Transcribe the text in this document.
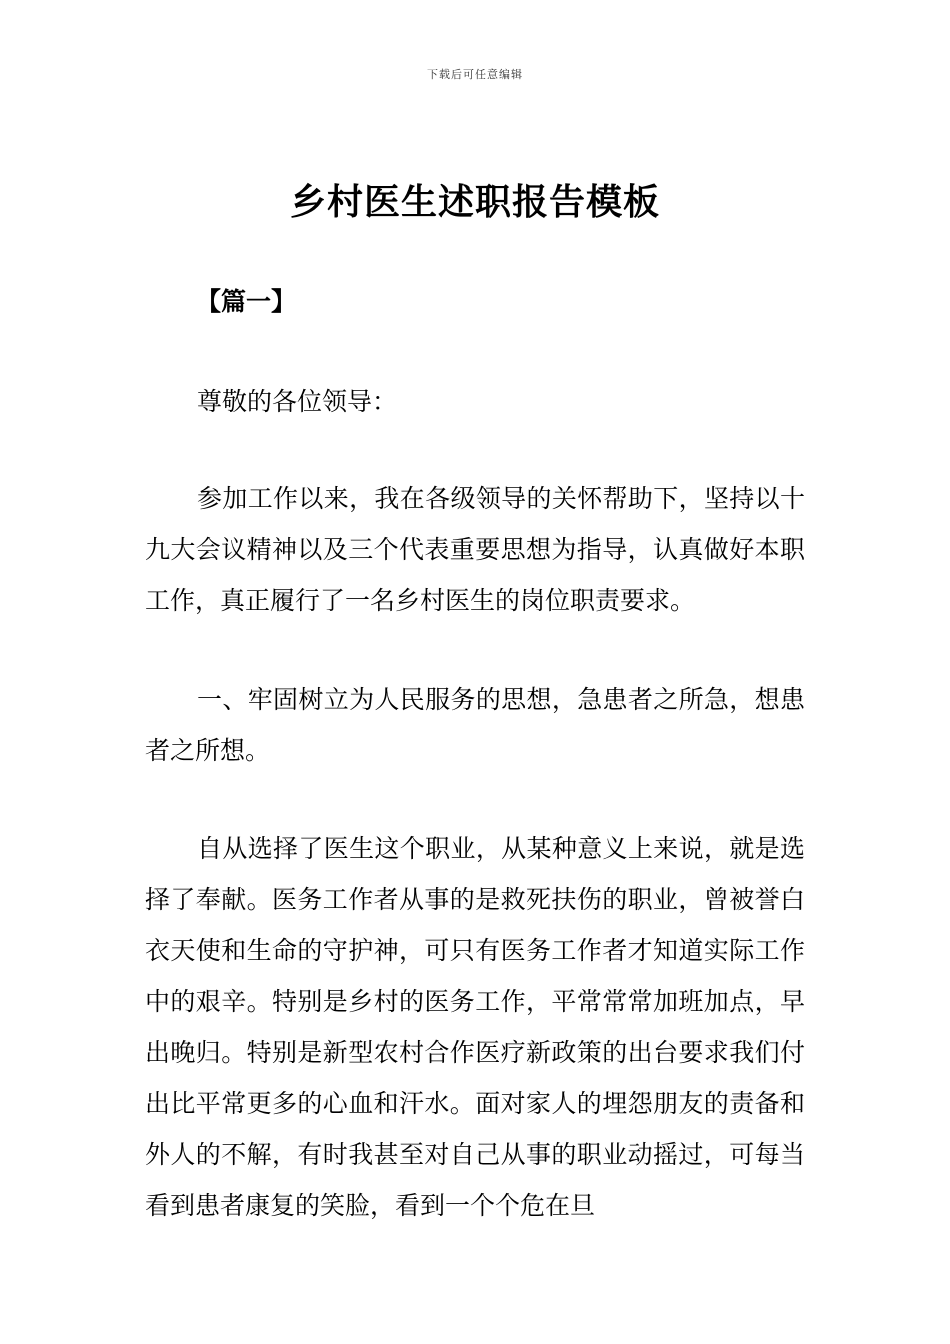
下载后可任意编辑
乡村医生述职报告模板
【篇一】

尊敬的各位领导：

参加工作以来，我在各级领导的关怀帮助下，坚持以十九大会议精神以及三个代表重要思想为指导，认真做好本职工作，真正履行了一名乡村医生的岗位职责要求。

一、牢固树立为人民服务的思想，急患者之所急，想患者之所想。

自从选择了医生这个职业，从某种意义上来说，就是选择了奉献。医务工作者从事的是救死扶伤的职业，曾被誉白衣天使和生命的守护神，可只有医务工作者才知道实际工作中的艰辛。特别是乡村的医务工作，平常常常加班加点，早出晚归。特别是新型农村合作医疗新政策的出台要求我们付出比平常更多的心血和汗水。面对家人的埋怨朋友的责备和外人的不解，有时我甚至对自己从事的职业动摇过，可每当看到患者康复的笑脸，看到一个个危在旦
